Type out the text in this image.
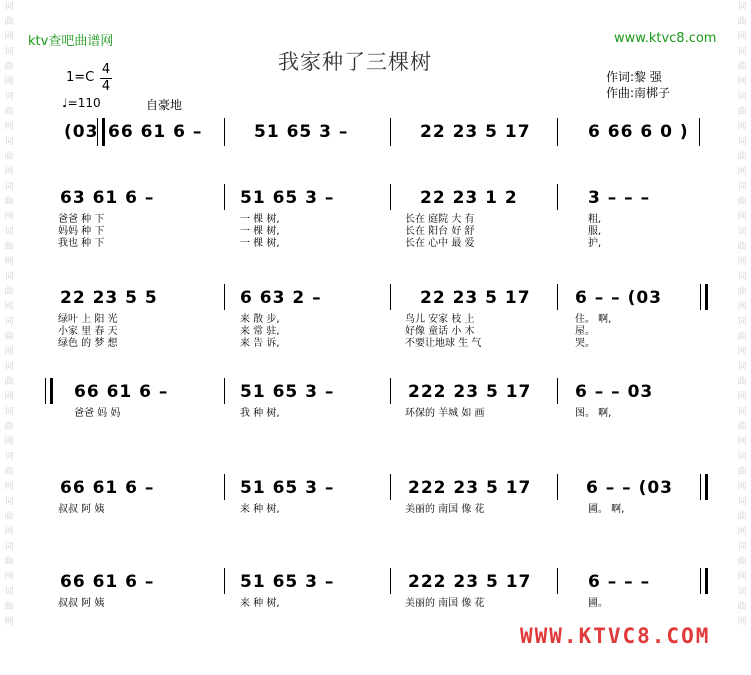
词
曲
网
词
曲
网
词
曲
网
词
曲
网
词
曲
网
词
曲
网
词
曲
网
词
曲
网
词
曲
网
词
曲
网
词
曲
网
词
曲
网
词
曲
网
词
曲
网
词
曲
网
词
曲
网
词
曲
网
词
曲
网
词
曲
网
词
曲
网
词
曲
网
词
曲
网
词
曲
网
词
曲
网
词
曲
网
词
曲
网
词
曲
网
词
曲
网
ktv查吧曲谱网	www.ktvc8.com
我家种了三棵树
1=C
4
4
♩=110	自豪地
作词:黎 强
作曲:南梆子
(03 66 61 6 –	51 65 3 –	22 23 5 17	6 66 6 0 )
63 61 6 –	51 65 3 –	22 23 1 2	3 – – –
爸爸 种 下	一 棵 树,	长在 庭院 大 有	粗,
妈妈 种 下	一 棵 树,	长在 阳台 好 舒	服,
我也 种 下	一 棵 树,	长在 心中 最 爱	护,
22 23 5 5	6 63 2 –	22 23 5 17	6 – – (03
绿叶 上 阳 光	来 散 步,	鸟儿 安家 枝 上	住。 啊,
小家 里 春 天	来 常 驻,	好像 童话 小 木	屋。
绿色 的 梦 想	来 告 诉,	不要让地球 生 气	哭。
66 61 6 –	51 65 3 –	222 23 5 17	6 – – 03
爸爸 妈 妈	我 种 树,	环保的 羊城 如 画	图。 啊,
66 61 6 –	51 65 3 –	222 23 5 17	6 – – (03
叔叔 阿 姨	来 种 树,	美丽的 南国 像 花	圃。 啊,
66 61 6 –	51 65 3 –	222 23 5 17	6 – – –
叔叔 阿 姨	来 种 树,	美丽的 南国 像 花	圃。
WWW.KTVC8.COM
